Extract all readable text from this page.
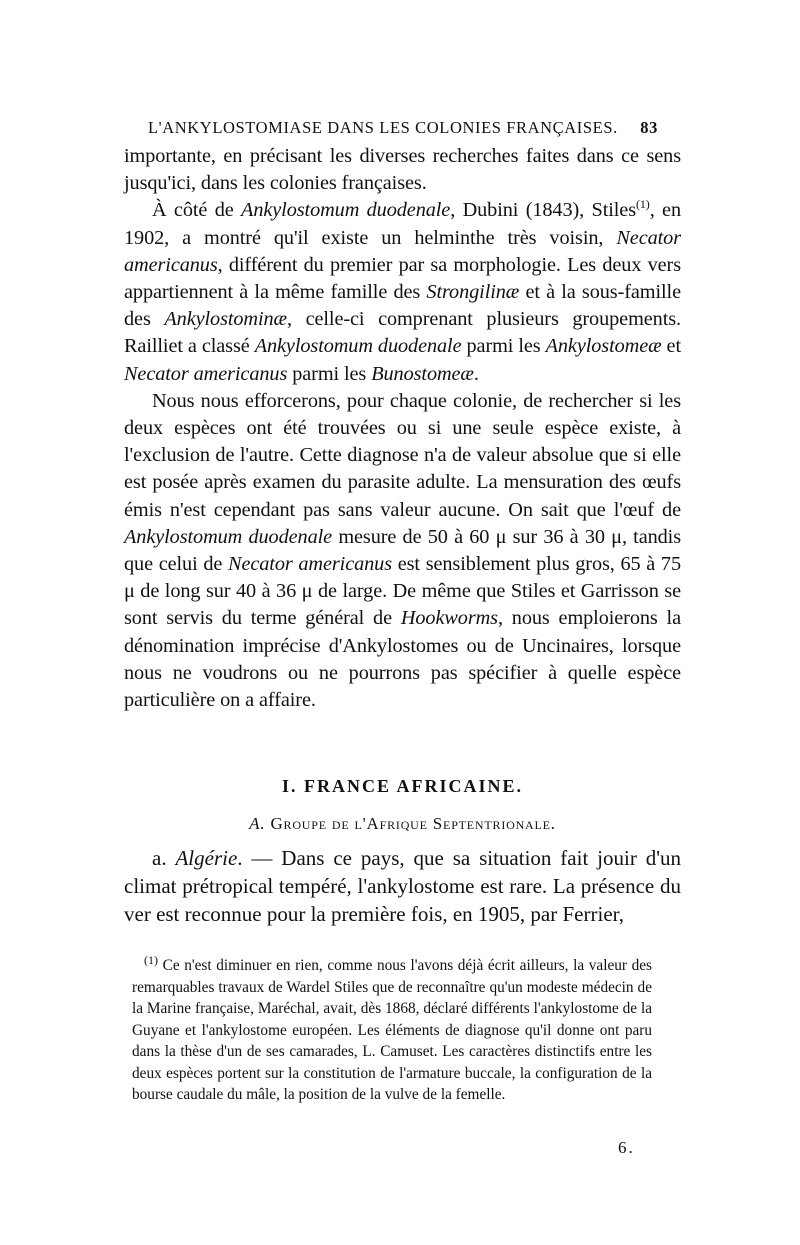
L'ANKYLOSTOMIASE DANS LES COLONIES FRANÇAISES. 83

importante, en précisant les diverses recherches faites dans ce sens jusqu'ici, dans les colonies françaises.

À côté de Ankylostomum duodenale, Dubini (1843), Stiles$^{(1)}$, en 1902, a montré qu'il existe un helminthe très voisin, Necator americanus, différent du premier par sa morphologie. Les deux vers appartiennent à la même famille des Strongilinæ et à la sous-famille des Ankylostominæ, celle-ci comprenant plusieurs groupements. Railliet a classé Ankylostomum duodenale parmi les Ankylostomeæ et Necator americanus parmi les Bunostomeæ.

Nous nous efforcerons, pour chaque colonie, de rechercher si les deux espèces ont été trouvées ou si une seule espèce existe, à l'exclusion de l'autre. Cette diagnose n'a de valeur absolue que si elle est posée après examen du parasite adulte. La mensuration des œufs émis n'est cependant pas sans valeur aucune. On sait que l'œuf de Ankylostomum duodenale mesure de 50 à 60 μ sur 36 à 30 μ, tandis que celui de Necator americanus est sensiblement plus gros, 65 à 75 μ de long sur 40 à 36 μ de large. De même que Stiles et Garrisson se sont servis du terme général de Hookworms, nous emploierons la dénomination imprécise d'Ankylostomes ou de Uncinaires, lorsque nous ne voudrons ou ne pourrons pas spécifier à quelle espèce particulière on a affaire.

I. FRANCE AFRICAINE.
A. Groupe de l'Afrique Septentrionale.

a. Algérie. — Dans ce pays, que sa situation fait jouir d'un climat prétropical tempéré, l'ankylostome est rare. La présence du ver est reconnue pour la première fois, en 1905, par Ferrier,

$^{(1)}$ Ce n'est diminuer en rien, comme nous l'avons déjà écrit ailleurs, la valeur des remarquables travaux de Wardel Stiles que de reconnaître qu'un modeste médecin de la Marine française, Maréchal, avait, dès 1868, déclaré différents l'ankylostome de la Guyane et l'ankylostome européen. Les éléments de diagnose qu'il donne ont paru dans la thèse d'un de ses camarades, L. Camuset. Les caractères distinctifs entre les deux espèces portent sur la constitution de l'armature buccale, la configuration de la bourse caudale du mâle, la position de la vulve de la femelle.

6.
